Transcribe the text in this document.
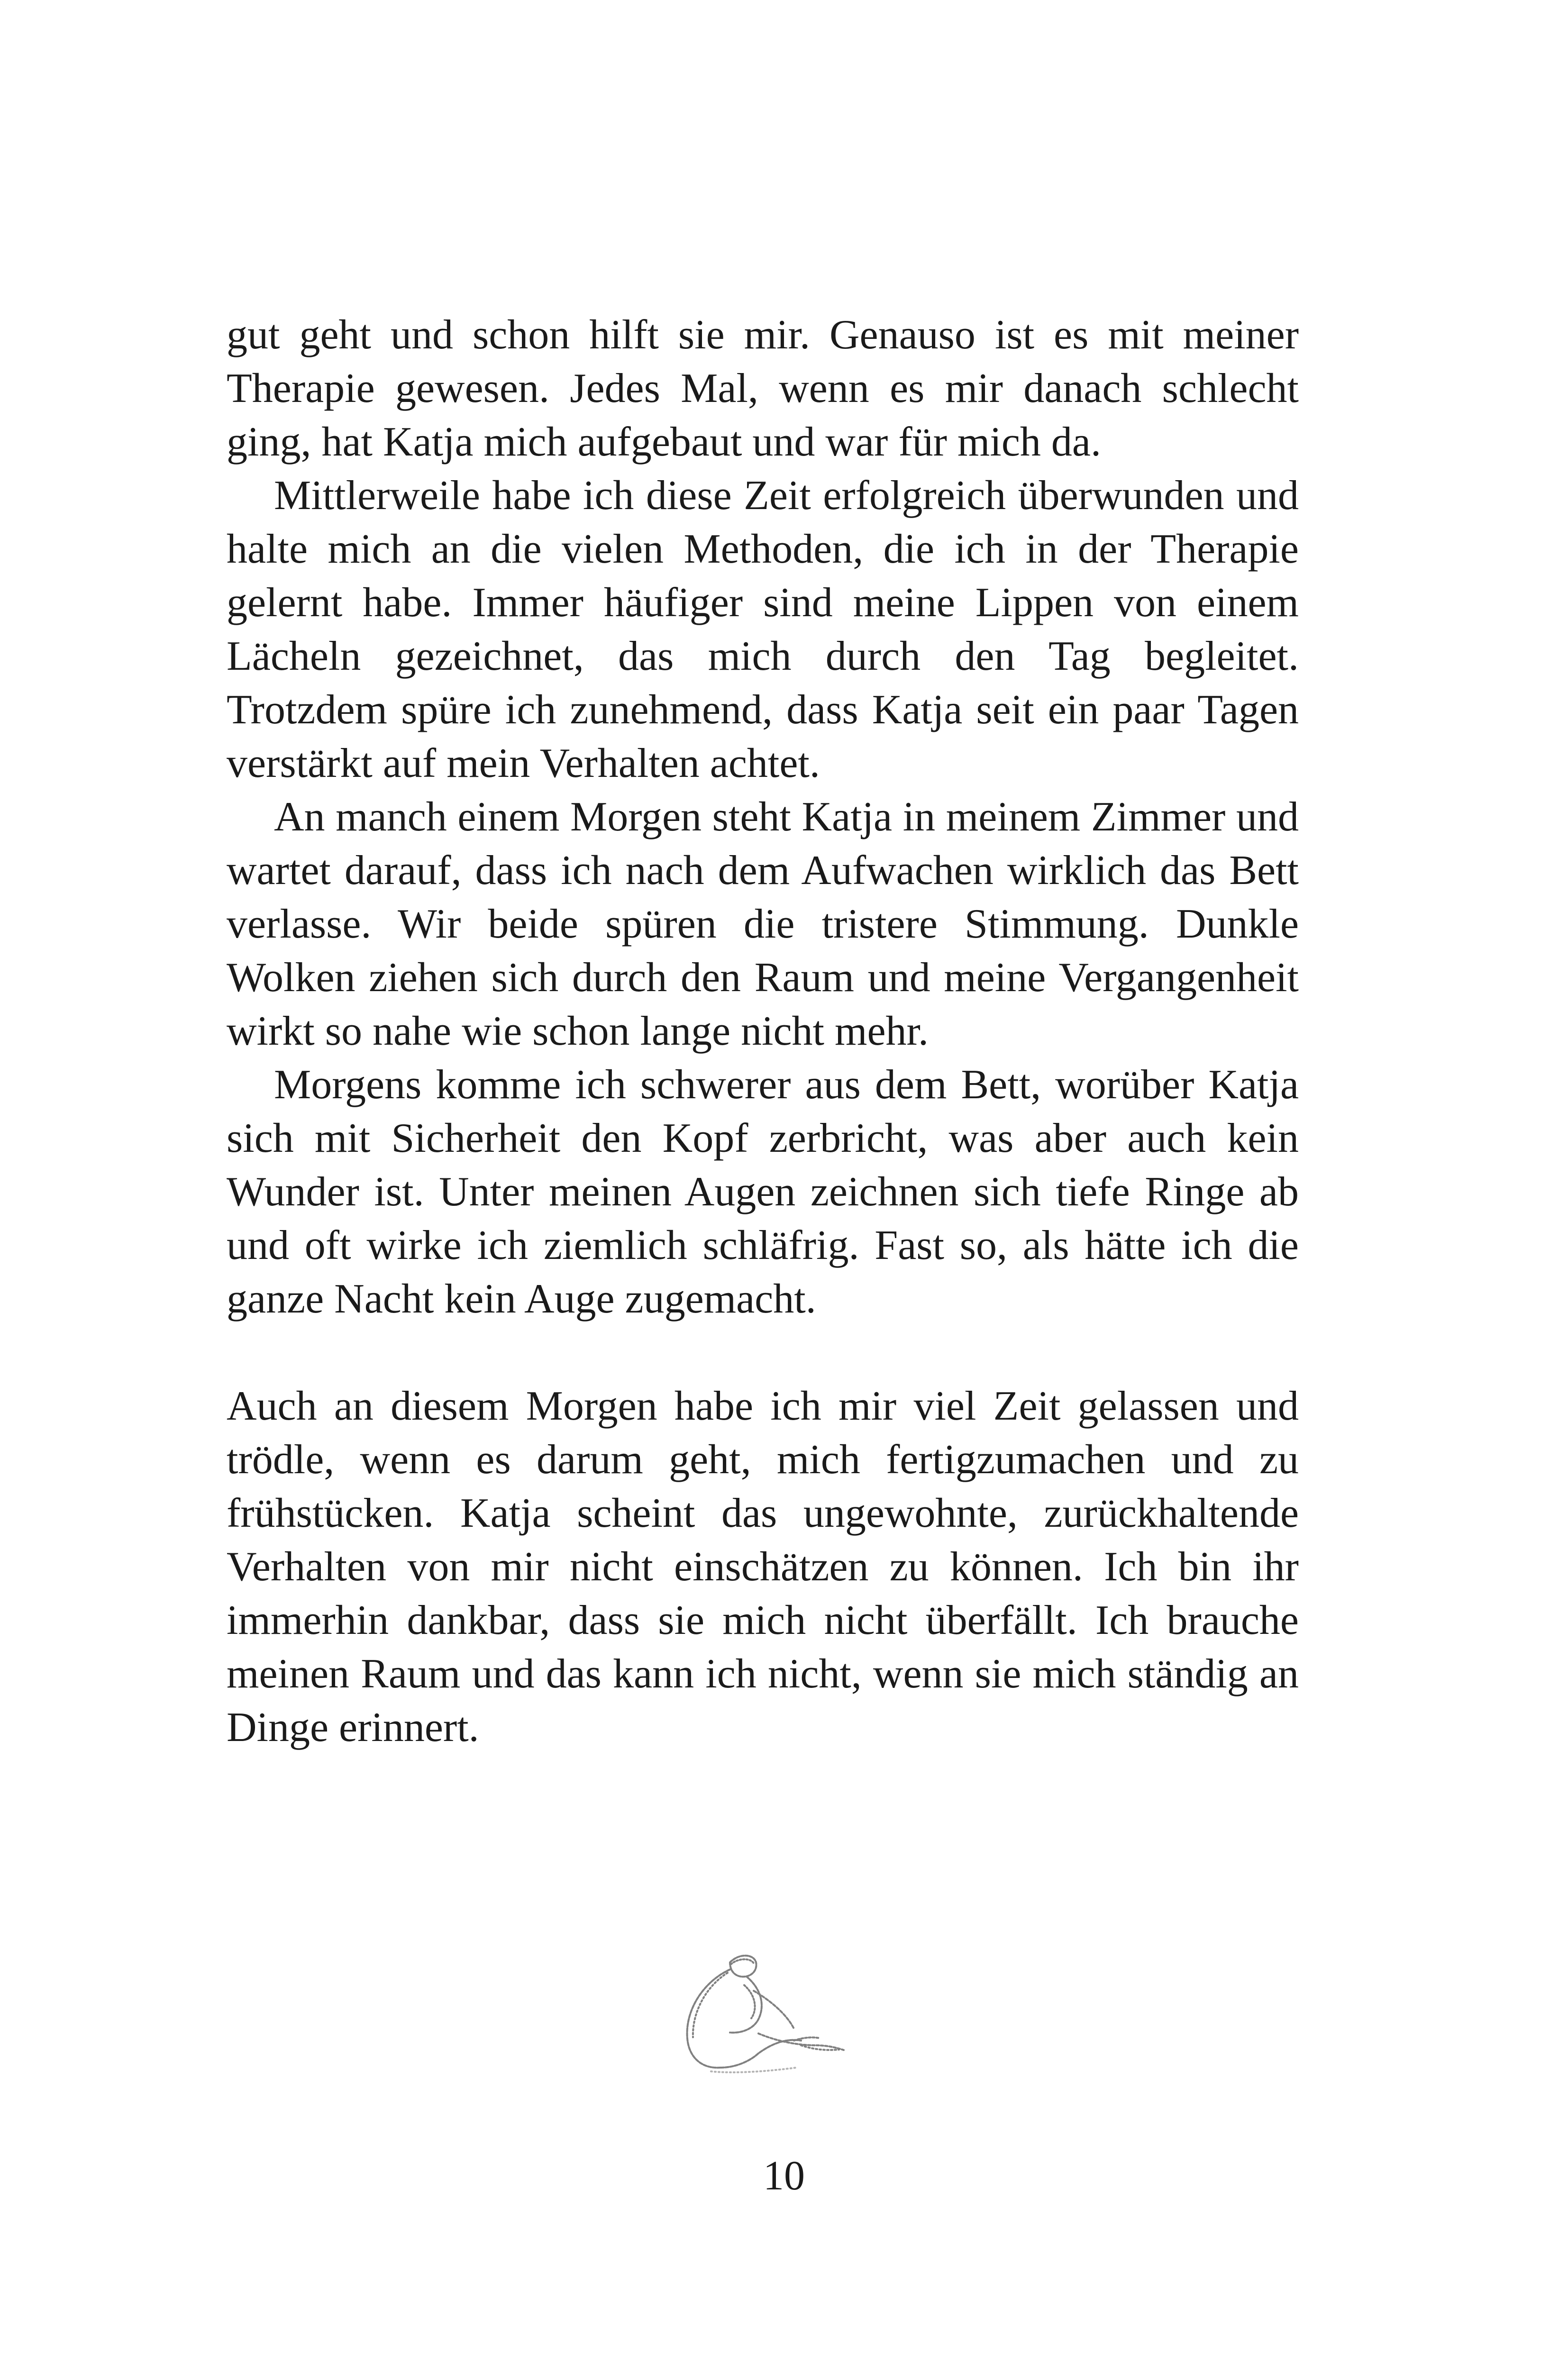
gut geht und schon hilft sie mir. Genauso ist es mit meiner Therapie gewesen. Jedes Mal, wenn es mir danach schlecht ging, hat Katja mich aufgebaut und war für mich da.

Mittlerweile habe ich diese Zeit erfolgreich überwunden und halte mich an die vielen Methoden, die ich in der Therapie gelernt habe. Immer häufiger sind meine Lippen von einem Lächeln gezeichnet, das mich durch den Tag begleitet. Trotzdem spüre ich zunehmend, dass Katja seit ein paar Tagen verstärkt auf mein Verhalten achtet.

An manch einem Morgen steht Katja in meinem Zimmer und wartet darauf, dass ich nach dem Aufwachen wirklich das Bett verlasse. Wir beide spüren die tristere Stimmung. Dunkle Wolken ziehen sich durch den Raum und meine Vergangenheit wirkt so nahe wie schon lange nicht mehr.

Morgens komme ich schwerer aus dem Bett, worüber Katja sich mit Sicherheit den Kopf zerbricht, was aber auch kein Wunder ist. Unter meinen Augen zeichnen sich tiefe Ringe ab und oft wirke ich ziemlich schläfrig. Fast so, als hätte ich die ganze Nacht kein Auge zugemacht.

Auch an diesem Morgen habe ich mir viel Zeit gelassen und trödle, wenn es darum geht, mich fertigzumachen und zu frühstücken. Katja scheint das ungewohnte, zurückhaltende Verhalten von mir nicht einschätzen zu können. Ich bin ihr immerhin dankbar, dass sie mich nicht überfällt. Ich brauche meinen Raum und das kann ich nicht, wenn sie mich ständig an Dinge erinnert.

10
